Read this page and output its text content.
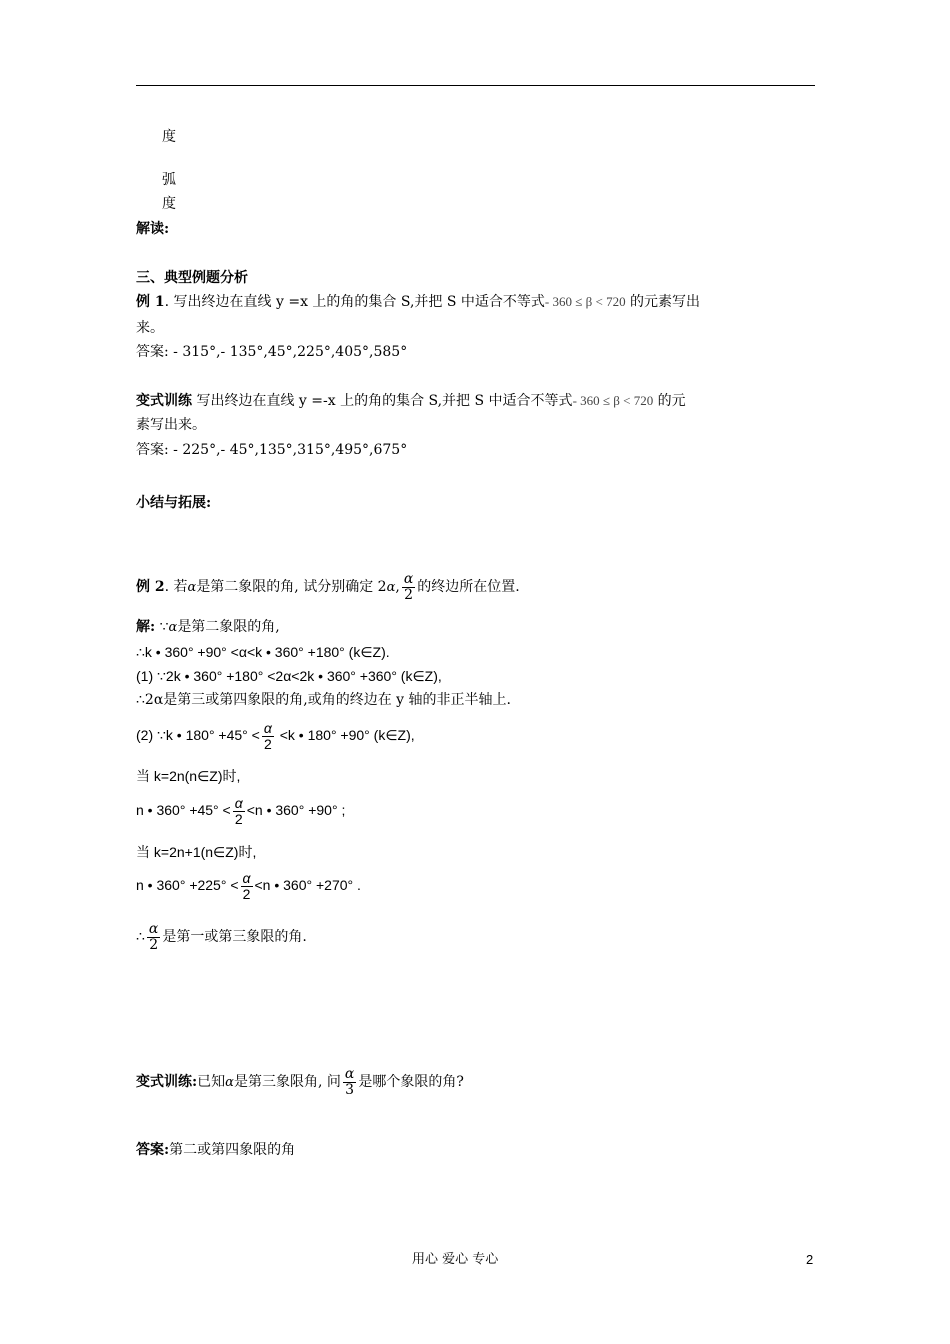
度
弧
度
解读:
三、典型例题分析
例 1. 写出终边在直线 y =x 上的角的集合 S,并把 S 中适合不等式- 360 ≤ β < 720 的元素写出
来。
答案: - 315°,- 135°,45°,225°,405°,585°
变式训练 写出终边在直线 y =-x 上的角的集合 S,并把 S 中适合不等式- 360 ≤ β < 720 的元
素写出来。
答案: - 225°,- 45°,135°,315°,495°,675°
小结与拓展:
例 2. 若α是第二象限的角, 试分别确定 2α, $\frac{\alpha}{2}$ 的终边所在位置.
解: ∵α是第二象限的角,
∴k • 360° +90° <α<k • 360° +180° (k∈Z).
(1) ∵2k • 360° +180° <2α<2k • 360° +360° (k∈Z),
∴2α是第三或第四象限的角,或角的终边在 y 轴的非正半轴上.
(2) ∵k • $180^\circ +45^\circ < \frac{\alpha}{2} <k$ • 180° +90° (k∈Z),
当 k=2n(n∈Z)时,
n • $360^\circ +45^\circ < \frac{\alpha}{2} <n$ • 360° +90° ;
当 k=2n+1(n∈Z)时,
n • $360^\circ +225^\circ < \frac{\alpha}{2} <n$ • 360° +270° .
∴ $\frac{\alpha}{2}$ 是第一或第三象限的角.
变式训练:已知α是第三象限角, 问 $\frac{\alpha}{3}$ 是哪个象限的角?
答案:第二或第四象限的角
用心 爱心 专心	2
